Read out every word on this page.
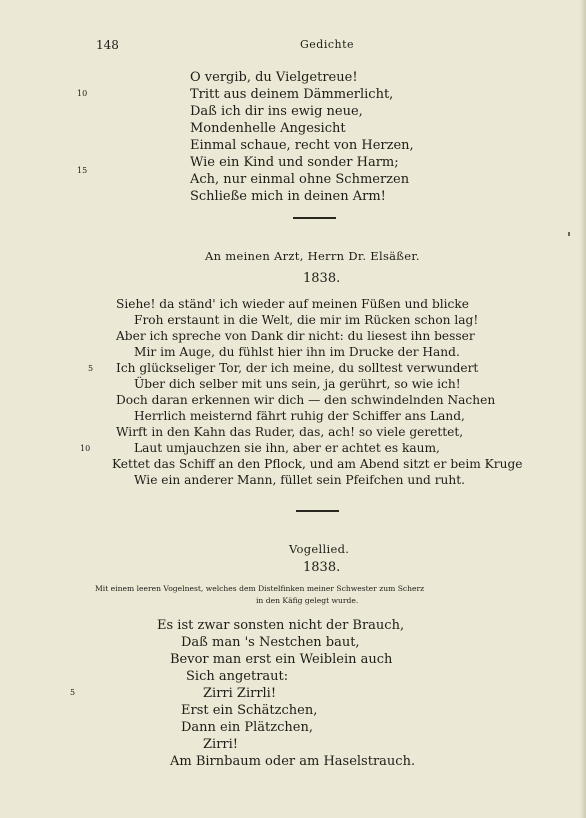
148	Gedichte
O vergib, du Vielgetreue!
Tritt aus deinem Dämmerlicht,
Daß ich dir ins ewig neue,
Mondenhelle Angesicht
Einmal schaue, recht von Herzen,
Wie ein Kind und sonder Harm;
Ach, nur einmal ohne Schmerzen
Schließe mich in deinen Arm!
10
15
An meinen Arzt, Herrn Dr. Elsäßer.
1838.
Siehe! da ständ' ich wieder auf meinen Füßen und blicke
Froh erstaunt in die Welt, die mir im Rücken schon lag!
Aber ich spreche von Dank dir nicht: du liesest ihn besser
Mir im Auge, du fühlst hier ihn im Drucke der Hand.
Ich glückseliger Tor, der ich meine, du solltest verwundert
Über dich selber mit uns sein, ja gerührt, so wie ich!
Doch daran erkennen wir dich — den schwindelnden Nachen
Herrlich meisternd fährt ruhig der Schiffer ans Land,
Wirft in den Kahn das Ruder, das, ach! so viele gerettet,
Laut umjauchzen sie ihn, aber er achtet es kaum,
Kettet das Schiff an den Pflock, und am Abend sitzt er beim Kruge
Wie ein anderer Mann, füllet sein Pfeifchen und ruht.
5
10
Vogellied.
1838.
Mit einem leeren Vogelnest, welches dem Distelfinken meiner Schwester zum Scherz
in den Käfig gelegt wurde.
Es ist zwar sonsten nicht der Brauch,
Daß man 's Nestchen baut,
Bevor man erst ein Weiblein auch
Sich angetraut:
Zirri Zirrli!
Erst ein Schätzchen,
Dann ein Plätzchen,
Zirri!
Am Birnbaum oder am Haselstrauch.
5
